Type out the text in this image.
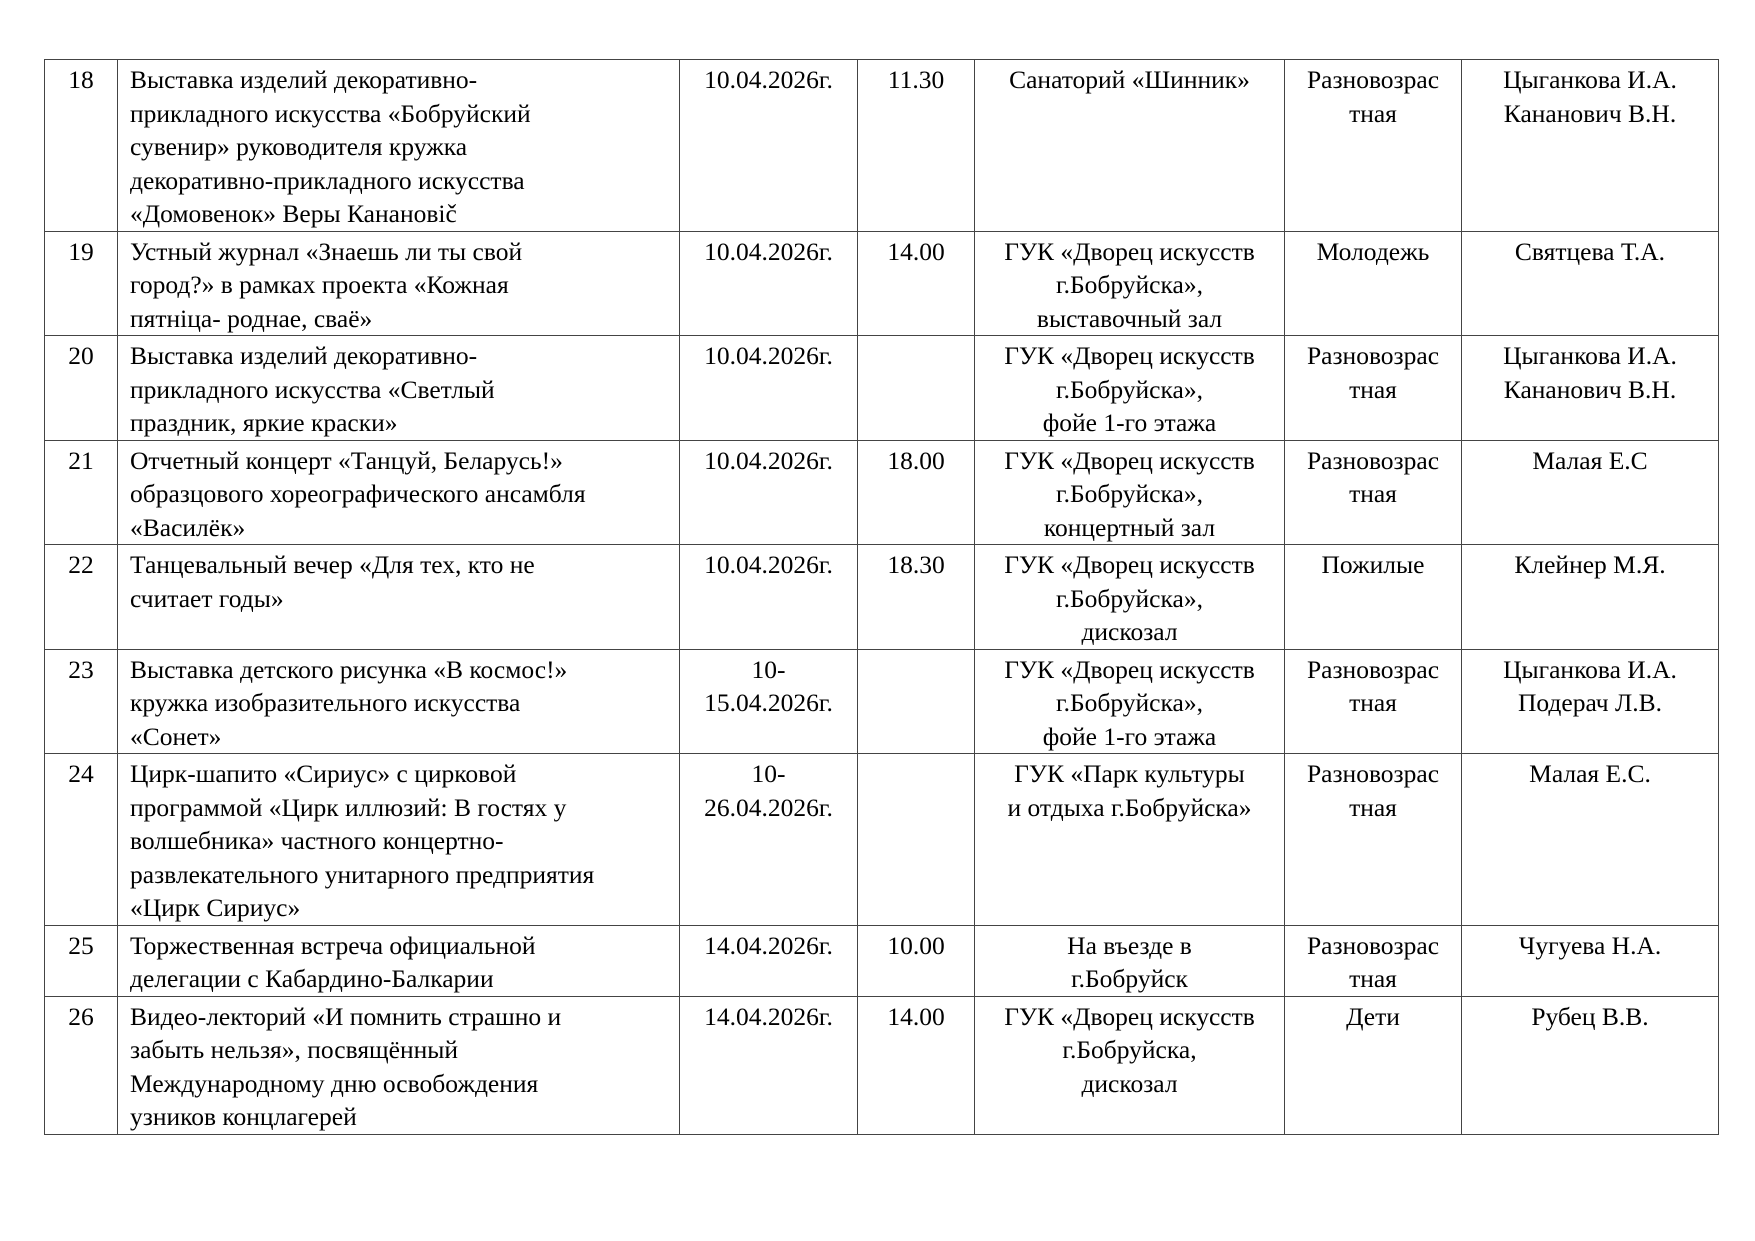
18	Выставка изделий декоративно-
прикладного искусства «Бобруйский
сувенир» руководителя кружка
декоративно-прикладного искусства
«Домовенок» Веры Канановič	10.04.2026г.	11.30	Санаторий «Шинник»	Разновозрас
тная	Цыганкова И.А.
Кананович В.Н.

19	Устный журнал «Знаешь ли ты свой
город?» в рамках проекта «Кожная
пятніца- роднае, сваё»	10.04.2026г.	14.00	ГУК «Дворец искусств
г.Бобруйска»,
выставочный зал	Молодежь	Святцева Т.А.

20	Выставка изделий декоративно-
прикладного искусства «Светлый
праздник, яркие краски»	10.04.2026г.		ГУК «Дворец искусств
г.Бобруйска»,
фойе 1-го этажа	Разновозрас
тная	Цыганкова И.А.
Кананович В.Н.

21	Отчетный концерт «Танцуй, Беларусь!»
образцового хореографического ансамбля
«Василёк»	10.04.2026г.	18.00	ГУК «Дворец искусств
г.Бобруйска»,
концертный зал	Разновозрас
тная	Малая Е.С

22	Танцевальный вечер «Для тех, кто не
считает годы»	10.04.2026г.	18.30	ГУК «Дворец искусств
г.Бобруйска»,
дискозал	Пожилые	Клейнер М.Я.

23	Выставка детского рисунка «В космос!»
кружка изобразительного искусства
«Сонет»	10-
15.04.2026г.		ГУК «Дворец искусств
г.Бобруйска»,
фойе 1-го этажа	Разновозрас
тная	Цыганкова И.А.
Подерач Л.В.

24	Цирк-шапито «Сириус» с цирковой
программой «Цирк иллюзий: В гостях у
волшебника» частного концертно-
развлекательного унитарного предприятия
«Цирк Сириус»	10-
26.04.2026г.		ГУК «Парк культуры
и отдыха г.Бобруйска»	Разновозрас
тная	Малая Е.С.

25	Торжественная встреча официальной
делегации с Кабардино-Балкарии	14.04.2026г.	10.00	На въезде в
г.Бобруйск	Разновозрас
тная	Чугуева Н.А.

26	Видео-лекторий «И помнить страшно и
забыть нельзя», посвящённый
Международному дню освобождения
узников концлагерей	14.04.2026г.	14.00	ГУК «Дворец искусств
г.Бобруйска,
дискозал	Дети	Рубец В.В.
